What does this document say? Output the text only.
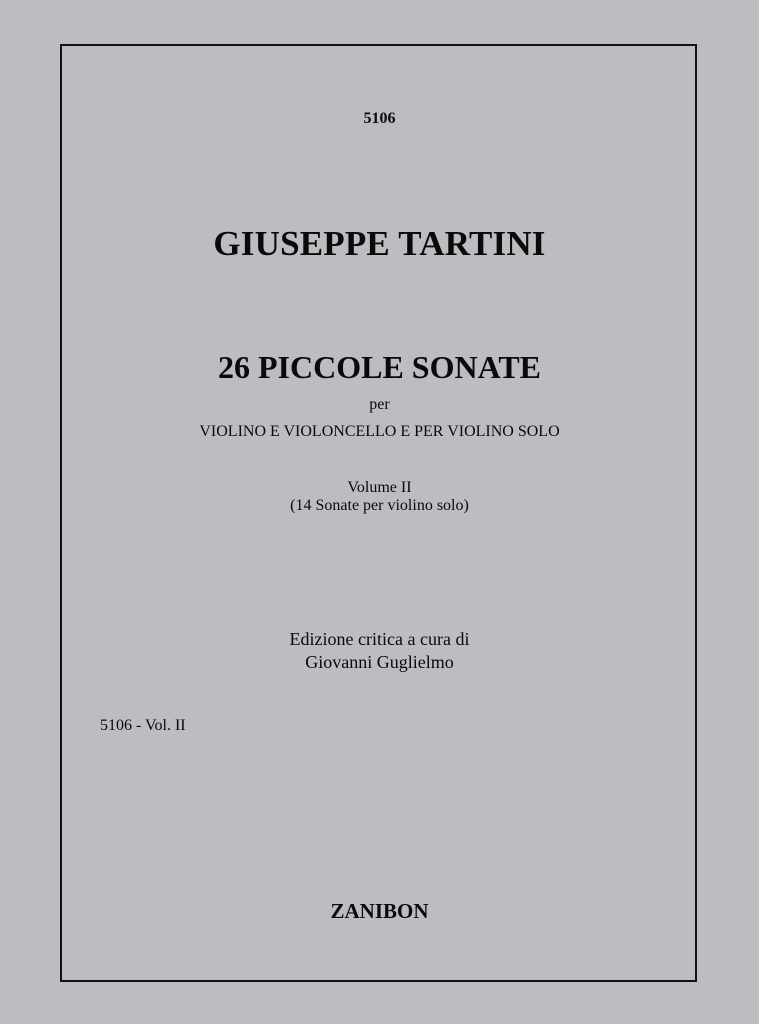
5106
GIUSEPPE TARTINI
26 PICCOLE SONATE
per
VIOLINO E VIOLONCELLO E PER VIOLINO SOLO
Volume II
(14 Sonate per violino solo)
Edizione critica a cura di
Giovanni Guglielmo
5106 - Vol. II
ZANIBON
